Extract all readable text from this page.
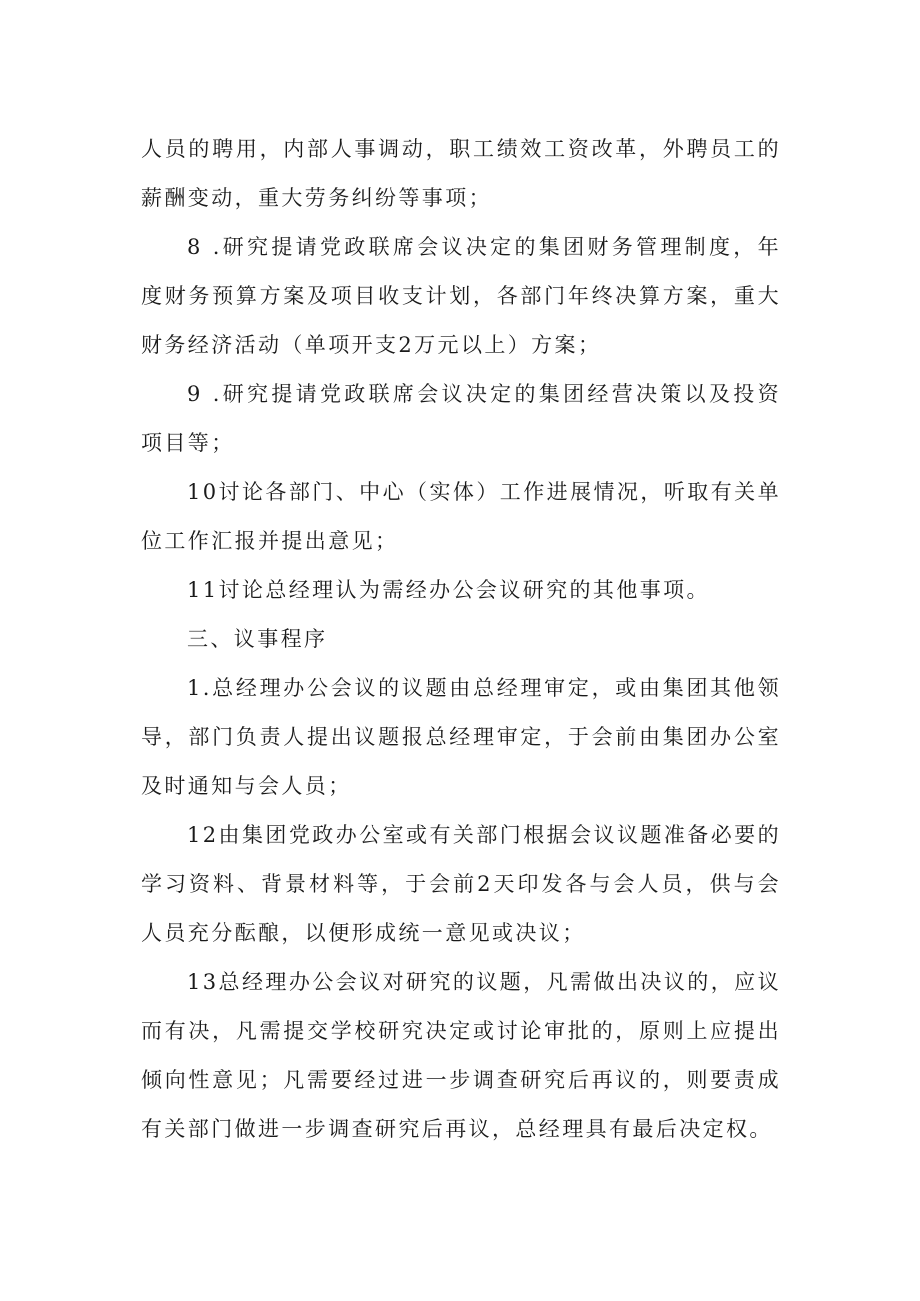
人员的聘用，内部人事调动，职工绩效工资改革，外聘员工的薪酬变动，重大劳务纠纷等事项；

8 .研究提请党政联席会议决定的集团财务管理制度，年度财务预算方案及项目收支计划，各部门年终决算方案，重大财务经济活动（单项开支2万元以上）方案；

9 .研究提请党政联席会议决定的集团经营决策以及投资项目等；

10讨论各部门、中心（实体）工作进展情况，听取有关单位工作汇报并提出意见；

11讨论总经理认为需经办公会议研究的其他事项。

三、议事程序

1.总经理办公会议的议题由总经理审定，或由集团其他领导，部门负责人提出议题报总经理审定，于会前由集团办公室及时通知与会人员；

12由集团党政办公室或有关部门根据会议议题准备必要的学习资料、背景材料等，于会前2天印发各与会人员，供与会人员充分酝酿，以便形成统一意见或决议；

13总经理办公会议对研究的议题，凡需做出决议的，应议而有决，凡需提交学校研究决定或讨论审批的，原则上应提出倾向性意见；凡需要经过进一步调查研究后再议的，则要责成有关部门做进一步调查研究后再议，总经理具有最后决定权。
